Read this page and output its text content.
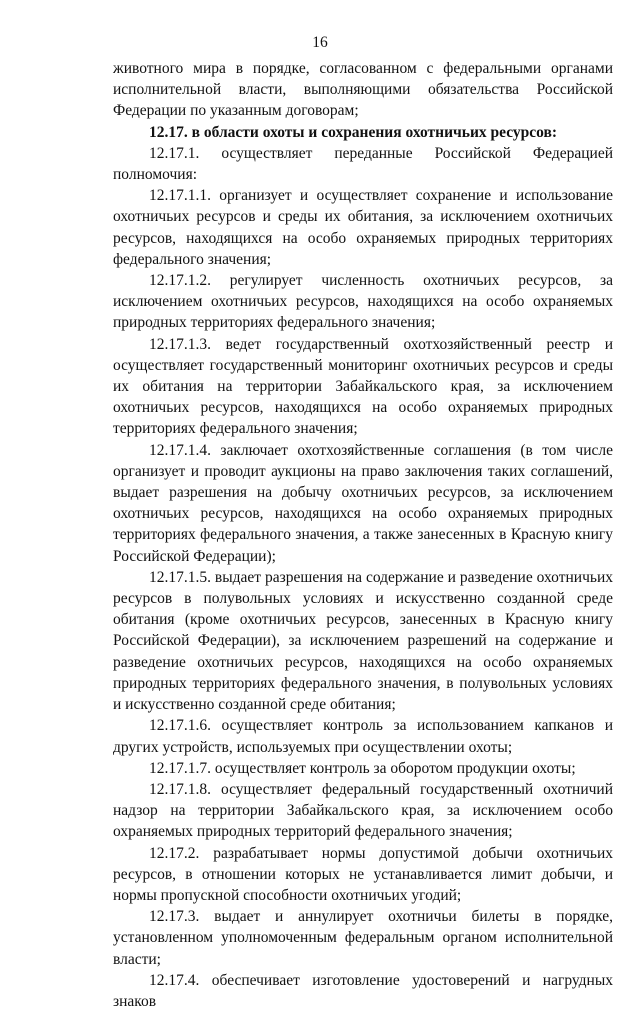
16

животного мира в порядке, согласованном с федеральными органами исполнительной власти, выполняющими обязательства Российской Федерации по указанным договорам;

12.17. в области охоты и сохранения охотничьих ресурсов:

12.17.1. осуществляет переданные Российской Федерацией полномочия:

12.17.1.1. организует и осуществляет сохранение и использование охотничьих ресурсов и среды их обитания, за исключением охотничьих ресурсов, находящихся на особо охраняемых природных территориях федерального значения;

12.17.1.2. регулирует численность охотничьих ресурсов, за исключением охотничьих ресурсов, находящихся на особо охраняемых природных территориях федерального значения;

12.17.1.3. ведет государственный охотхозяйственный реестр и осуществляет государственный мониторинг охотничьих ресурсов и среды их обитания на территории Забайкальского края, за исключением охотничьих ресурсов, находящихся на особо охраняемых природных территориях федерального значения;

12.17.1.4. заключает охотхозяйственные соглашения (в том числе организует и проводит аукционы на право заключения таких соглашений, выдает разрешения на добычу охотничьих ресурсов, за исключением охотничьих ресурсов, находящихся на особо охраняемых природных территориях федерального значения, а также занесенных в Красную книгу Российской Федерации);

12.17.1.5. выдает разрешения на содержание и разведение охотничьих ресурсов в полувольных условиях и искусственно созданной среде обитания (кроме охотничьих ресурсов, занесенных в Красную книгу Российской Федерации), за исключением разрешений на содержание и разведение охотничьих ресурсов, находящихся на особо охраняемых природных территориях федерального значения, в полувольных условиях и искусственно созданной среде обитания;

12.17.1.6. осуществляет контроль за использованием капканов и других устройств, используемых при осуществлении охоты;

12.17.1.7. осуществляет контроль за оборотом продукции охоты;

12.17.1.8. осуществляет федеральный государственный охотничий надзор на территории Забайкальского края, за исключением особо охраняемых природных территорий федерального значения;

12.17.2. разрабатывает нормы допустимой добычи охотничьих ресурсов, в отношении которых не устанавливается лимит добычи, и нормы пропускной способности охотничьих угодий;

12.17.3. выдает и аннулирует охотничьи билеты в порядке, установленном уполномоченным федеральным органом исполнительной власти;

12.17.4. обеспечивает изготовление удостоверений и нагрудных знаков
